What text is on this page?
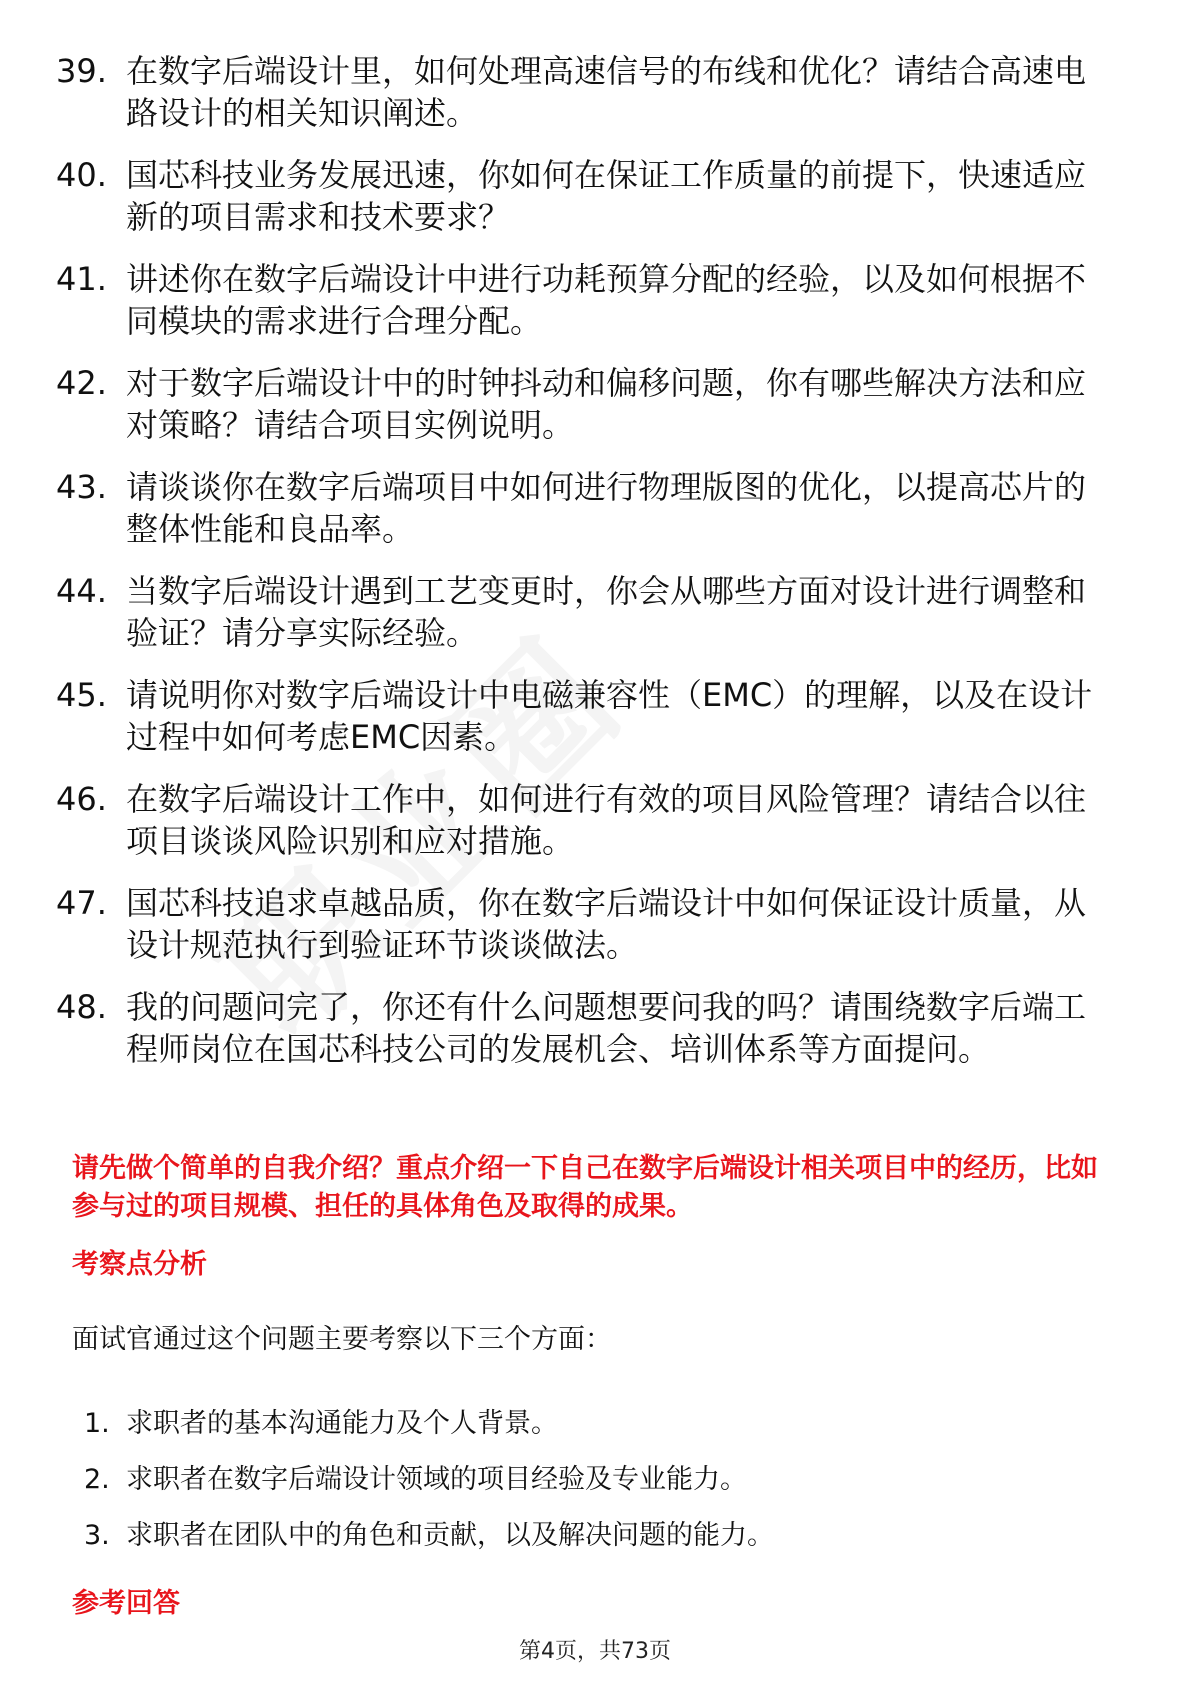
39. 在数字后端设计里，如何处理高速信号的布线和优化？请结合高速电路设计的相关知识阐述。
40. 国芯科技业务发展迅速，你如何在保证工作质量的前提下，快速适应新的项目需求和技术要求？
41. 讲述你在数字后端设计中进行功耗预算分配的经验，以及如何根据不同模块的需求进行合理分配。
42. 对于数字后端设计中的时钟抖动和偏移问题，你有哪些解决方法和应对策略？请结合项目实例说明。
43. 请谈谈你在数字后端项目中如何进行物理版图的优化，以提高芯片的整体性能和良品率。
44. 当数字后端设计遇到工艺变更时，你会从哪些方面对设计进行调整和验证？请分享实际经验。
45. 请说明你对数字后端设计中电磁兼容性（EMC）的理解，以及在设计过程中如何考虑EMC因素。
46. 在数字后端设计工作中，如何进行有效的项目风险管理？请结合以往项目谈谈风险识别和应对措施。
47. 国芯科技追求卓越品质，你在数字后端设计中如何保证设计质量，从设计规范执行到验证环节谈谈做法。
48. 我的问题问完了，你还有什么问题想要问我的吗？请围绕数字后端工程师岗位在国芯科技公司的发展机会、培训体系等方面提问。
请先做个简单的自我介绍？重点介绍一下自己在数字后端设计相关项目中的经历，比如参与过的项目规模、担任的具体角色及取得的成果。
考察点分析
面试官通过这个问题主要考察以下三个方面：
1. 求职者的基本沟通能力及个人背景。
2. 求职者在数字后端设计领域的项目经验及专业能力。
3. 求职者在团队中的角色和贡献，以及解决问题的能力。
参考回答
第4页，共73页
